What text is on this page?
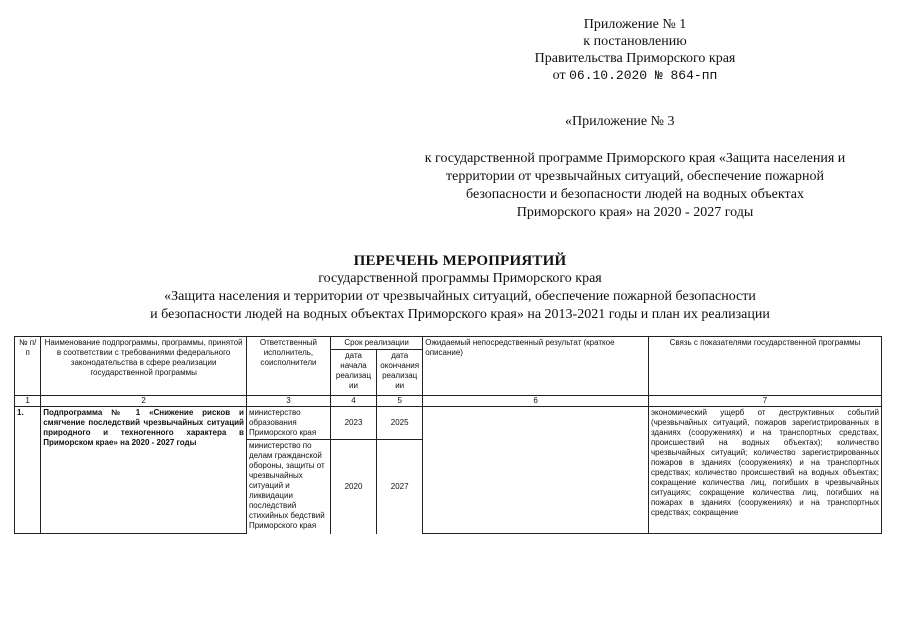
Приложение № 1
к постановлению
Правительства Приморского края
от 06.10.2020 № 864-пп
«Приложение № 3
к государственной программе Приморского края «Защита населения и
территории от чрезвычайных ситуаций, обеспечение пожарной
безопасности и безопасности людей на водных объектах
Приморского края» на 2020 - 2027 годы
ПЕРЕЧЕНЬ МЕРОПРИЯТИЙ
государственной программы Приморского края
«Защита населения и территории от чрезвычайных ситуаций, обеспечение пожарной безопасности
и безопасности людей на водных объектах Приморского края» на 2013-2021 годы и план их реализации
№ п/п	Наименование подпрограммы, программы, принятой в соответствии с требованиями федерального законодательства в сфере реализации государственной программы	Ответственный исполнитель, соисполнители	Срок реализации		Ожидаемый непосредственный результат (краткое описание)	Связь с показателями государственной программы
			дата начала реализац ии	дата окончания реализац ии		
1	2	3	4	5	6	7
1.	Подпрограмма № 1 «Снижение рисков и смягчение последствий чрезвычайных ситуаций природного и техногенного характера в Приморском крае» на 2020 - 2027 годы	министерство образования Приморского края	2023	2025		экономический ущерб от деструктивных событий (чрезвычайных ситуаций, пожаров зарегистрированных в зданиях (сооружениях) и на транспортных средствах, происшествий на водных объектах); количество чрезвычайных ситуаций; количество зарегистрированных пожаров в зданиях (сооружениях) и на транспортных средствах; количество происшествий на водных объектах; сокращение количества лиц, погибших в чрезвычайных ситуациях; сокращение количества лиц, погибших на пожарах в зданиях (сооружениях) и на транспортных средствах; сокращение
		министерство по делам гражданской обороны, защиты от чрезвычайных ситуаций и ликвидации последствий стихийных бедствий Приморского края	2020	2027		
